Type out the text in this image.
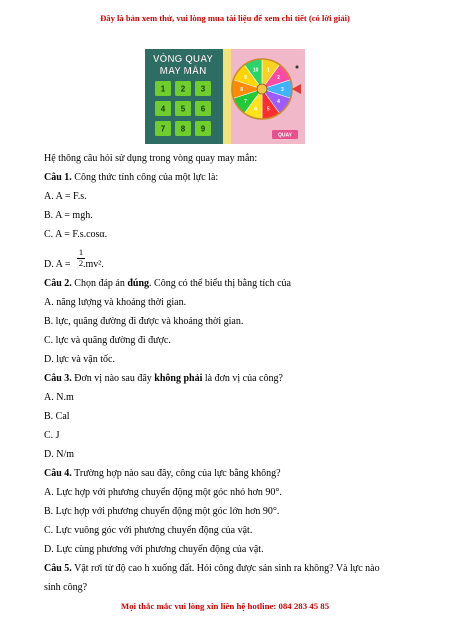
Đây là bản xem thử, vui lòng mua tài liệu để xem chi tiết (có lời giải)
VÒNG QUAY
MAY MẮN
1 2 3
4 5 6
7 8 9
1
2
3
4
5
6
7
8
9
10
QUAY
Hệ thông câu hỏi sử dụng trong vòng quay may mắn:
Câu 1. Công thức tính công của một lực là:
A. A = F.s.
B. A = mgh.
C. A = F.s.cosα.
D. A = .mv².
1
2
Câu 2. Chọn đáp án đúng. Công có thể biểu thị bằng tích của
A. năng lượng và khoảng thời gian.
B. lực, quãng đường đi được và khoảng thời gian.
C. lực và quãng đường đi được.
D. lực và vận tốc.
Câu 3. Đơn vị nào sau đây không phải là đơn vị của công?
A. N.m
B. Cal
C. J
D. N/m
Câu 4. Trường hợp nào sau đây, công của lực bằng không?
A. Lực hợp với phương chuyển động một góc nhỏ hơn 90°.
B. Lực hợp với phương chuyển động một góc lớn hơn 90°.
C. Lực vuông góc với phương chuyển động của vật.
D. Lực cùng phương với phương chuyển động của vật.
Câu 5. Vật rơi từ độ cao h xuống đất. Hỏi công được sản sinh ra không? Và lực nào
sinh công?
Mọi thắc mắc vui lòng xin liên hệ hotline: 084 283 45 85
